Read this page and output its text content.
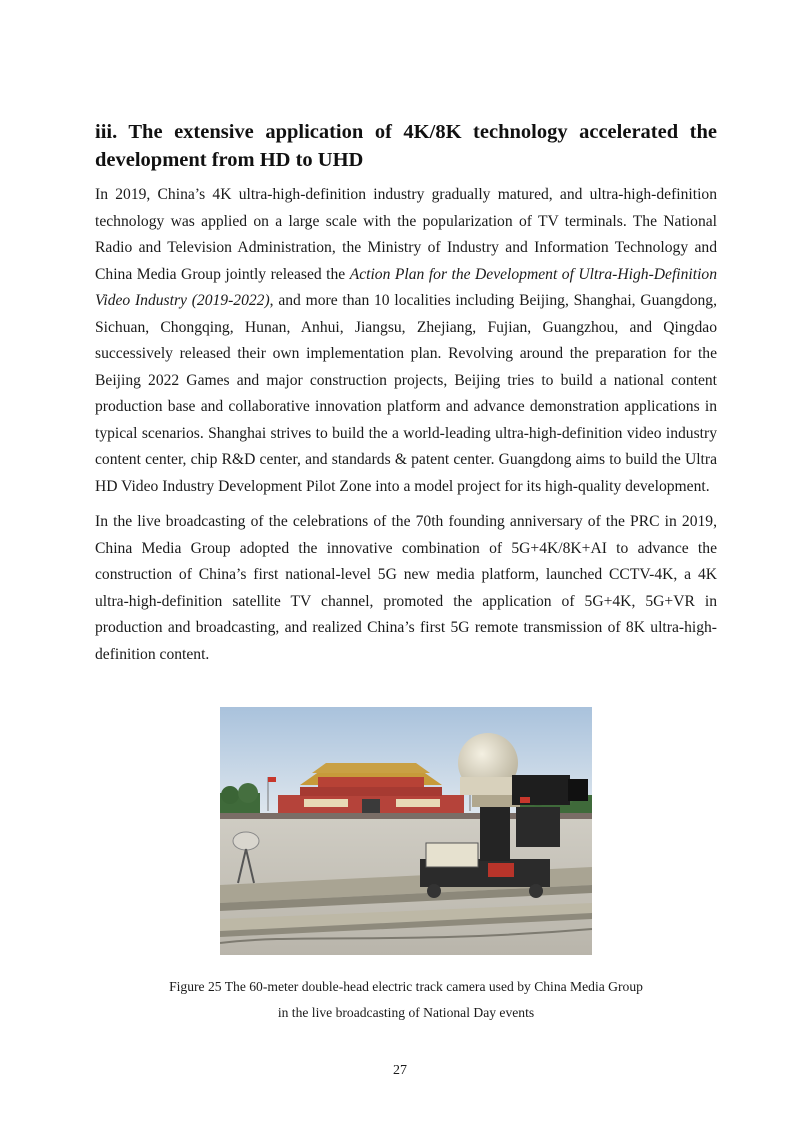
iii. The extensive application of 4K/8K technology accelerated the development from HD to UHD

In 2019, China’s 4K ultra-high-definition industry gradually matured, and ultra-high-definition technology was applied on a large scale with the popularization of TV terminals. The National Radio and Television Administration, the Ministry of Industry and Information Technology and China Media Group jointly released the Action Plan for the Development of Ultra-High-Definition Video Industry (2019-2022), and more than 10 localities including Beijing, Shanghai, Guangdong, Sichuan, Chongqing, Hunan, Anhui, Jiangsu, Zhejiang, Fujian, Guangzhou, and Qingdao successively released their own implementation plan. Revolving around the preparation for the Beijing 2022 Games and major construction projects, Beijing tries to build a national content production base and collaborative innovation platform and advance demonstration applications in typical scenarios. Shanghai strives to build the a world-leading ultra-high-definition video industry content center, chip R&D center, and standards & patent center. Guangdong aims to build the Ultra HD Video Industry Development Pilot Zone into a model project for its high-quality development.

In the live broadcasting of the celebrations of the 70th founding anniversary of the PRC in 2019, China Media Group adopted the innovative combination of 5G+4K/8K+AI to advance the construction of China’s first national-level 5G new media platform, launched CCTV-4K, a 4K ultra-high-definition satellite TV channel, promoted the application of 5G+4K, 5G+VR in production and broadcasting, and realized China’s first 5G remote transmission of 8K ultra-high-definition content.

Figure 25 The 60-meter double-head electric track camera used by China Media Group
in the live broadcasting of National Day events
27
